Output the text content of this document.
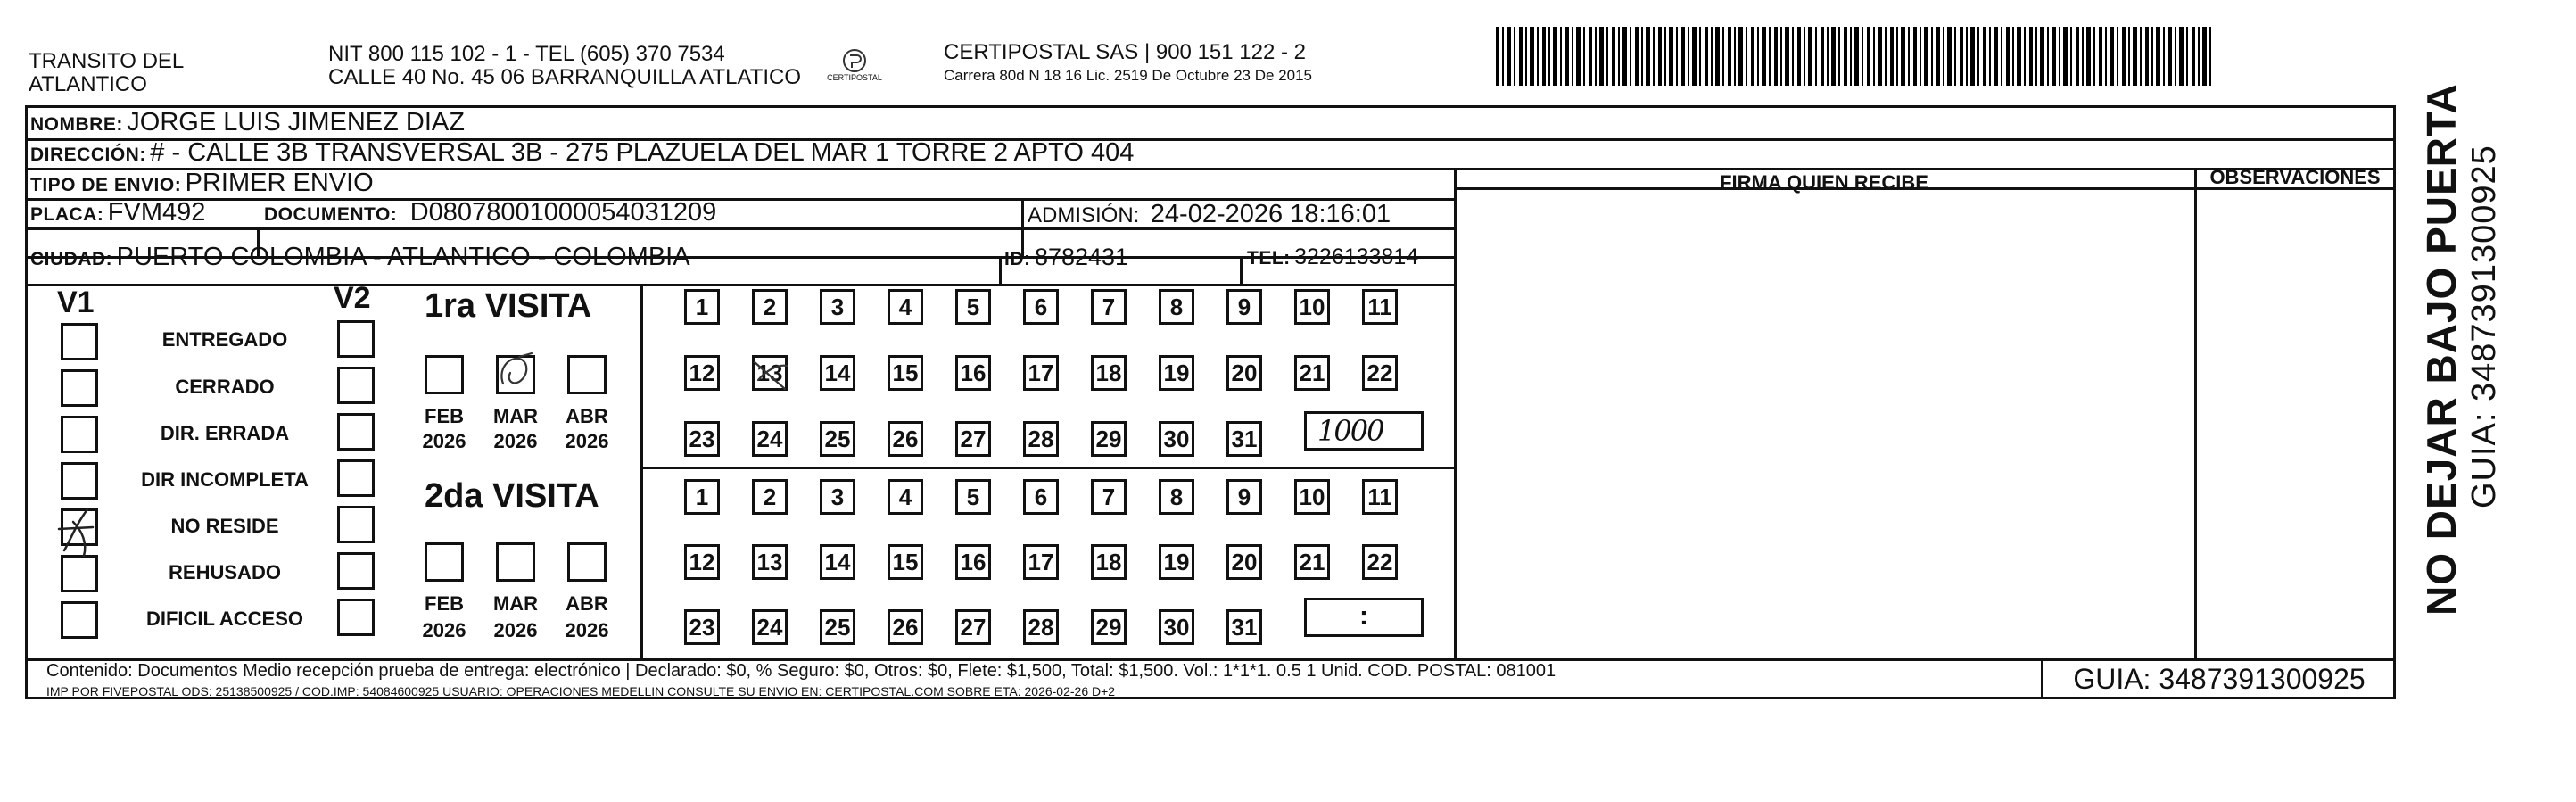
TRANSITO DEL ATLANTICO
NIT 800 115 102 - 1 - TEL (605) 370 7534
CALLE 40 No. 45 06 BARRANQUILLA ATLATICO	CERTIPOSTAL
CERTIPOSTAL SAS | 900 151 122 - 2
Carrera 80d N 18 16 Lic. 2519 De Octubre 23 De 2015
NOMBRE: JORGE LUIS JIMENEZ DIAZ
DIRECCIÓN: # - CALLE 3B TRANSVERSAL 3B - 275 PLAZUELA DEL MAR 1 TORRE 2 APTO 404
TIPO DE ENVIO: PRIMER ENVIO
PLACA: FVM492	DOCUMENTO: D080780010000540312​09	ADMISIÓN: 24-02-2026 18:16:01
CIUDAD: PUERTO COLOMBIA - ATLANTICO - COLOMBIA	ID: 8782431	TEL: 3226133814
FIRMA QUIEN RECIBE	OBSERVACIONES
V1	V2
ENTREGADO
CERRADO
DIR. ERRADA
DIR INCOMPLETA
NO RESIDE
REHUSADO
DIFICIL ACCESO
1ra VISITA
FEB	MAR ABR
2026 2026 2026
2da VISITA
FEB	MAR ABR
2026 2026 2026
1	2	3	4	5	6	7	8	9	10 11
12 13 14 15 16 17 18 19 20 21 22
23 24 25 26 27 28 29 30 31
1	2	3	4	5	6	7	8	9	10 11
12 13 14 15 16 17 18 19 20 21 22
23 24 25 26 27 28 29 30 31
1000
:
Contenido: Documentos Medio recepción prueba de entrega: electrónico | Declarado: $0, % Seguro: $0, Otros: $0, Flete: $1,500, Total: $1,500. Vol.: 1*1*1. 0.5 1 Unid. COD. POSTAL: 081001
IMP POR FIVEPOSTAL ODS: 25138500925 / COD.IMP: 54084600925 USUARIO: OPERACIONES MEDELLIN CONSULTE SU ENVIO EN: CERTIPOSTAL.COM SOBRE ETA: 2026-02-26 D+2	GUIA: 3487391300925
NO DEJAR BAJO PUERTA GUIA: 3487391300925
